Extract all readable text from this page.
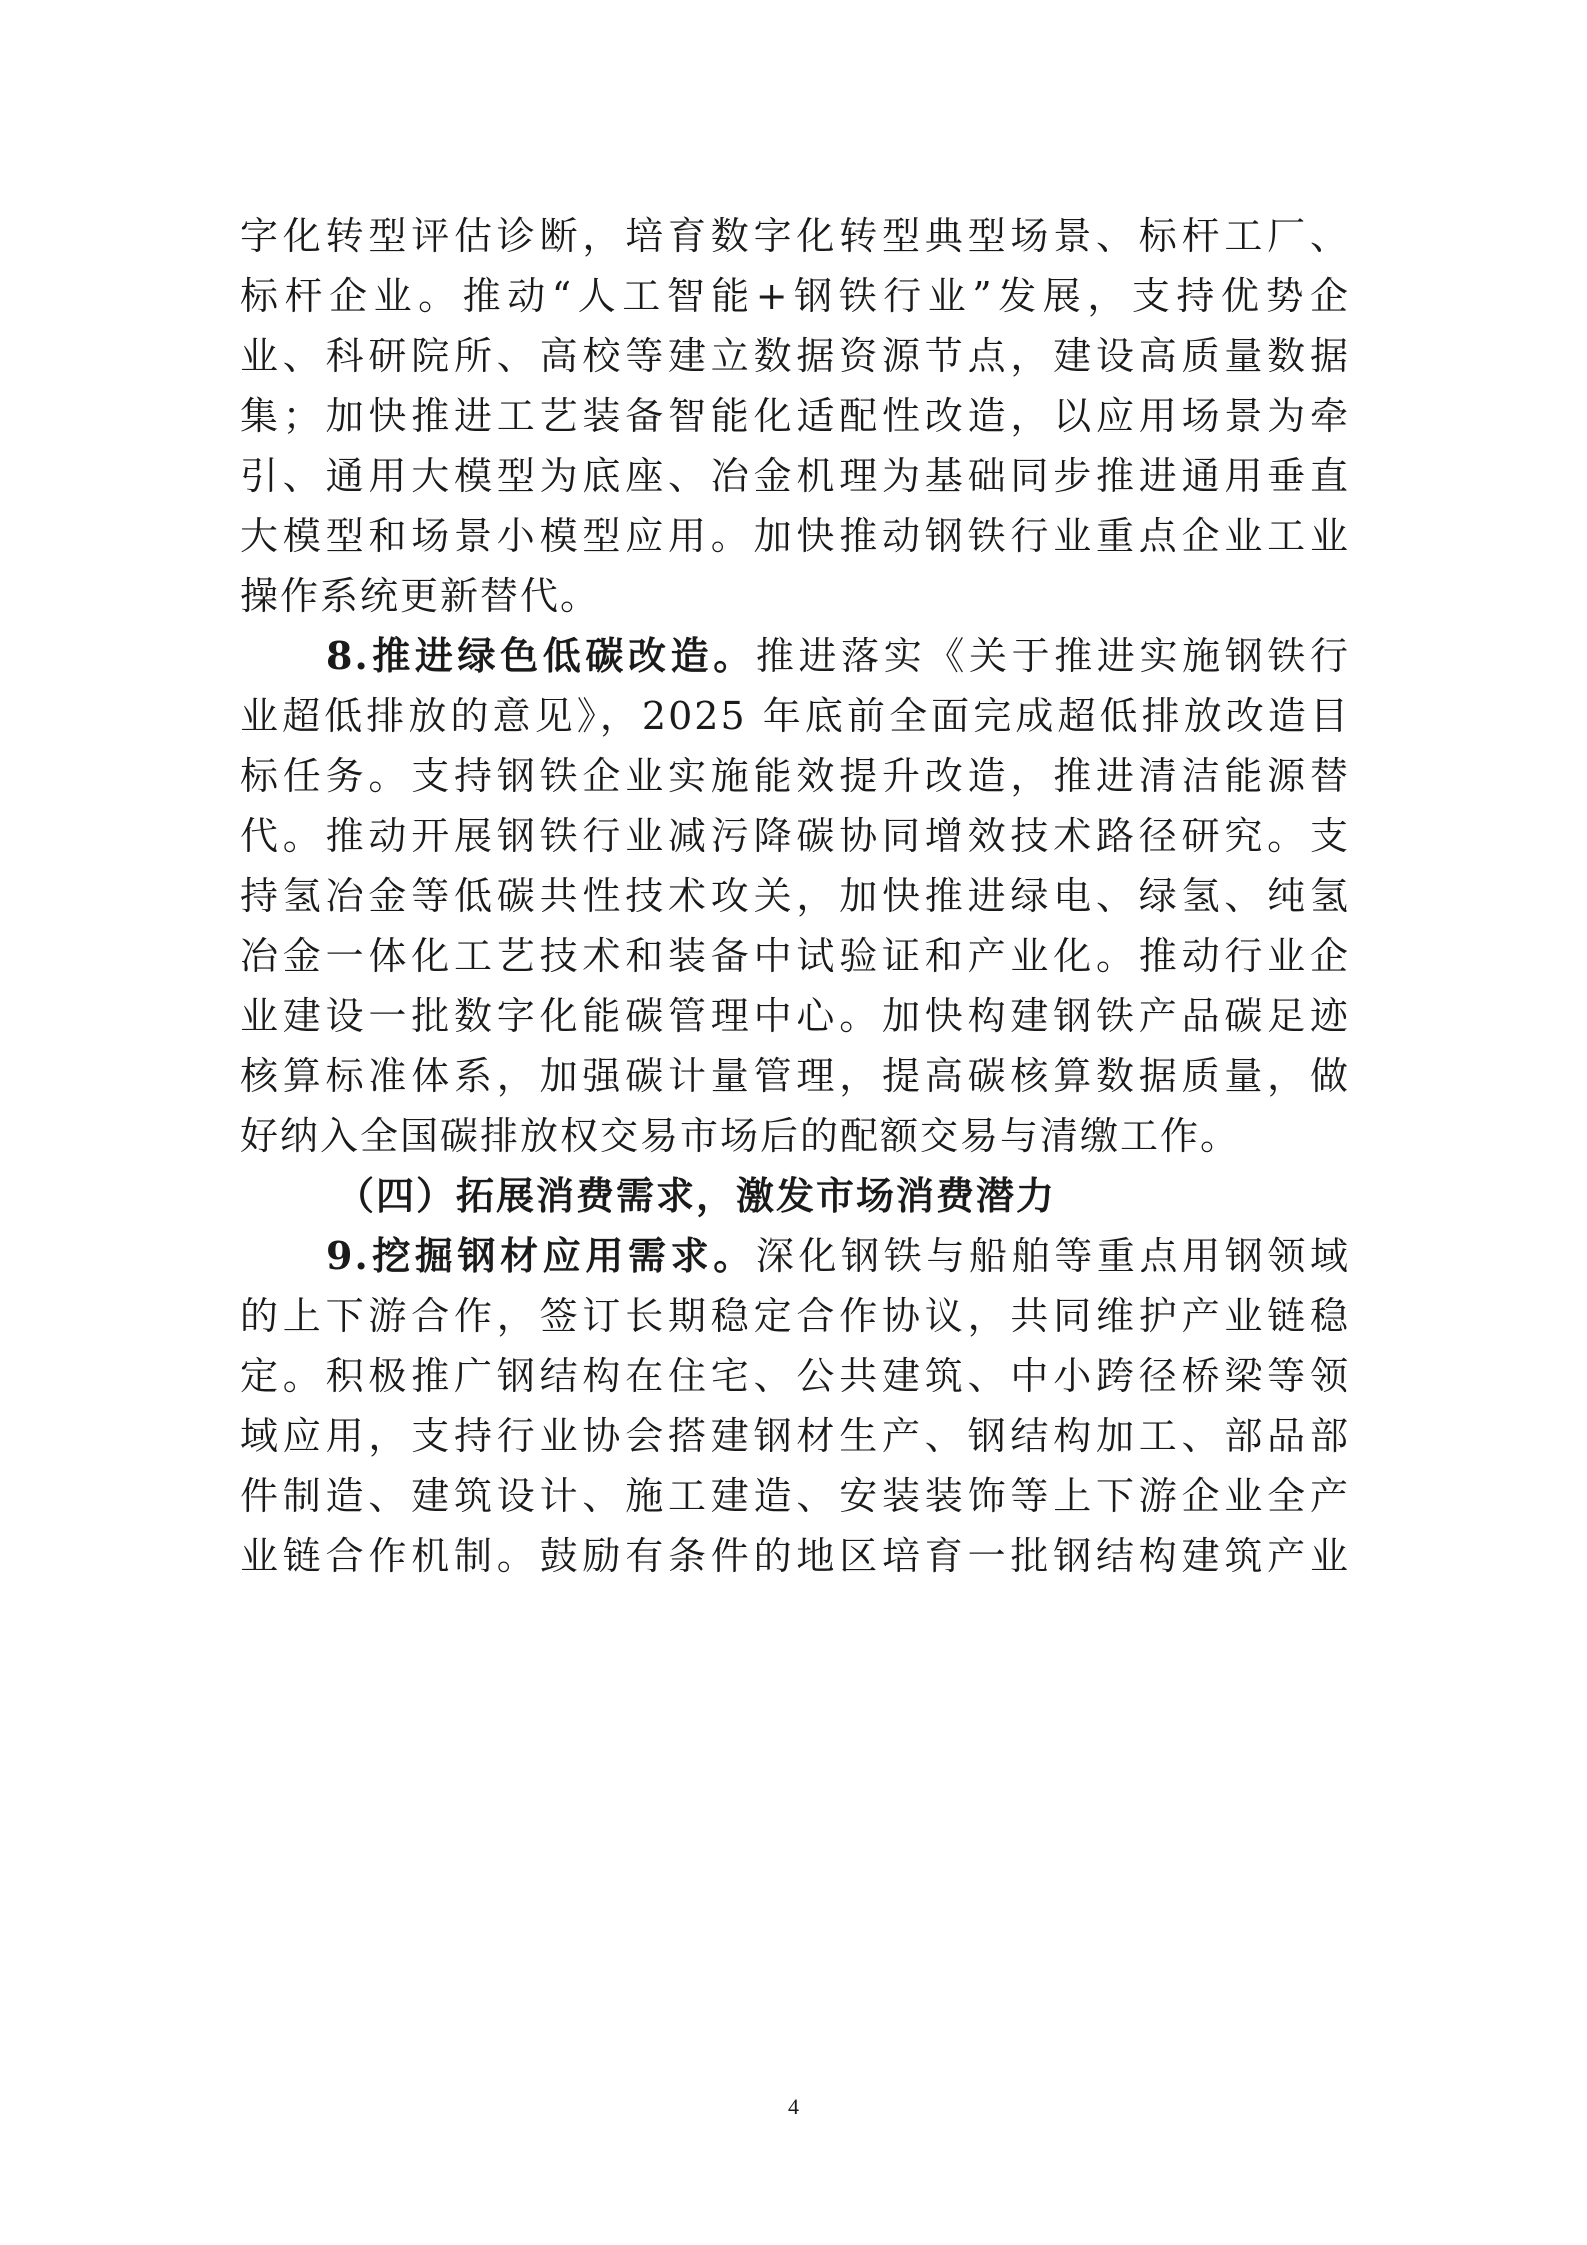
字化转型评估诊断，培育数字化转型典型场景、标杆工厂、
标杆企业。推动“人工智能+钢铁行业”发展，支持优势企
业、科研院所、高校等建立数据资源节点，建设高质量数据
集；加快推进工艺装备智能化适配性改造，以应用场景为牵
引、通用大模型为底座、冶金机理为基础同步推进通用垂直
大模型和场景小模型应用。加快推动钢铁行业重点企业工业
操作系统更新替代。
8.推进绿色低碳改造。推进落实《关于推进实施钢铁行
业超低排放的意见》，2025 年底前全面完成超低排放改造目
标任务。支持钢铁企业实施能效提升改造，推进清洁能源替
代。推动开展钢铁行业减污降碳协同增效技术路径研究。支
持氢冶金等低碳共性技术攻关，加快推进绿电、绿氢、纯氢
冶金一体化工艺技术和装备中试验证和产业化。推动行业企
业建设一批数字化能碳管理中心。加快构建钢铁产品碳足迹
核算标准体系，加强碳计量管理，提高碳核算数据质量，做
好纳入全国碳排放权交易市场后的配额交易与清缴工作。
（四）拓展消费需求，激发市场消费潜力
9.挖掘钢材应用需求。深化钢铁与船舶等重点用钢领域
的上下游合作，签订长期稳定合作协议，共同维护产业链稳
定。积极推广钢结构在住宅、公共建筑、中小跨径桥梁等领
域应用，支持行业协会搭建钢材生产、钢结构加工、部品部
件制造、建筑设计、施工建造、安装装饰等上下游企业全产
业链合作机制。鼓励有条件的地区培育一批钢结构建筑产业
4
